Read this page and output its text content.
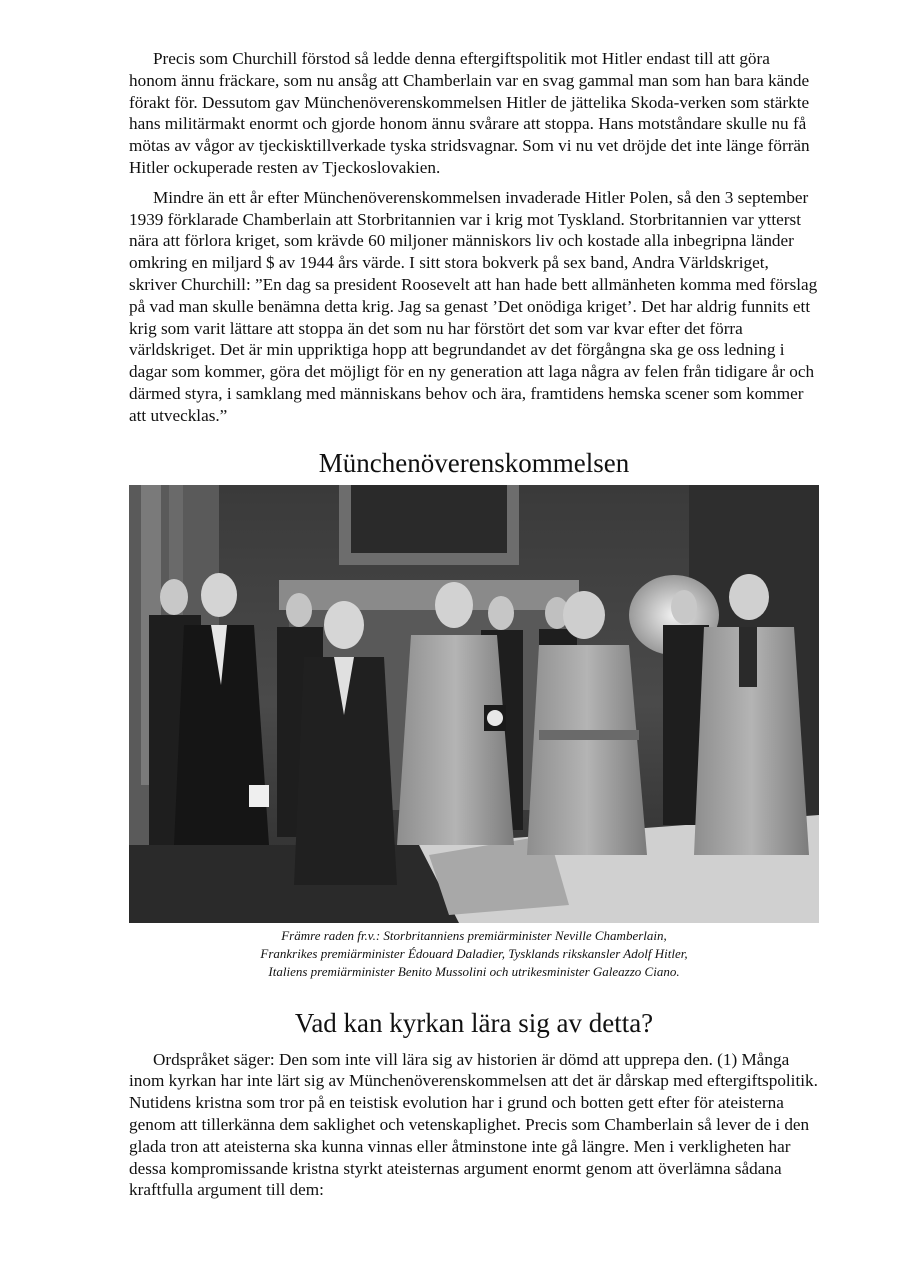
Precis som Churchill förstod så ledde denna eftergiftspolitik mot Hitler endast till att göra honom ännu fräckare, som nu ansåg att Chamberlain var en svag gammal man som han bara kände förakt för. Dessutom gav Münchenöverenskommelsen Hitler de jättelika Skoda-verken som stärkte hans militärmakt enormt och gjorde honom ännu svårare att stoppa. Hans motståndare skulle nu få mötas av vågor av tjeckisktillverkade tyska stridsvagnar. Som vi nu vet dröjde det inte länge förrän Hitler ockuperade resten av Tjeckoslovakien.

Mindre än ett år efter Münchenöverenskommelsen invaderade Hitler Polen, så den 3 september 1939 förklarade Chamberlain att Storbritannien var i krig mot Tyskland. Storbritannien var ytterst nära att förlora kriget, som krävde 60 miljoner människors liv och kostade alla inbegripna länder omkring en miljard $ av 1944 års värde. I sitt stora bokverk på sex band, Andra Världskriget, skriver Churchill: ”En dag sa president Roosevelt att han hade bett allmänheten komma med förslag på vad man skulle benämna detta krig. Jag sa genast ’Det onödiga kriget’. Det har aldrig funnits ett krig som varit lättare att stoppa än det som nu har förstört det som var kvar efter det förra världskriget. Det är min uppriktiga hopp att begrundandet av det förgångna ska ge oss ledning i dagar som kommer, göra det möjligt för en ny generation att laga några av felen från tidigare år och därmed styra, i samklang med människans behov och ära, framtidens hemska scener som kommer att utvecklas.”

Münchenöverenskommelsen

Främre raden fr.v.: Storbritanniens premiärminister Neville Chamberlain,
Frankrikes premiärminister Édouard Daladier, Tysklands rikskansler Adolf Hitler,
Italiens premiärminister Benito Mussolini och utrikesminister Galeazzo Ciano.

Vad kan kyrkan lära sig av detta?

Ordspråket säger: Den som inte vill lära sig av historien är dömd att upprepa den. (1) Många inom kyrkan har inte lärt sig av Münchenöverenskommelsen att det är dårskap med eftergiftspolitik. Nutidens kristna som tror på en teistisk evolution har i grund och botten gett efter för ateisterna genom att tillerkänna dem saklighet och vetenskaplighet. Precis som Chamberlain så lever de i den glada tron att ateisterna ska kunna vinnas eller åtminstone inte gå längre. Men i verkligheten har dessa kompromissande kristna styrkt ateisternas argument enormt genom att överlämna sådana kraftfulla argument till dem:
